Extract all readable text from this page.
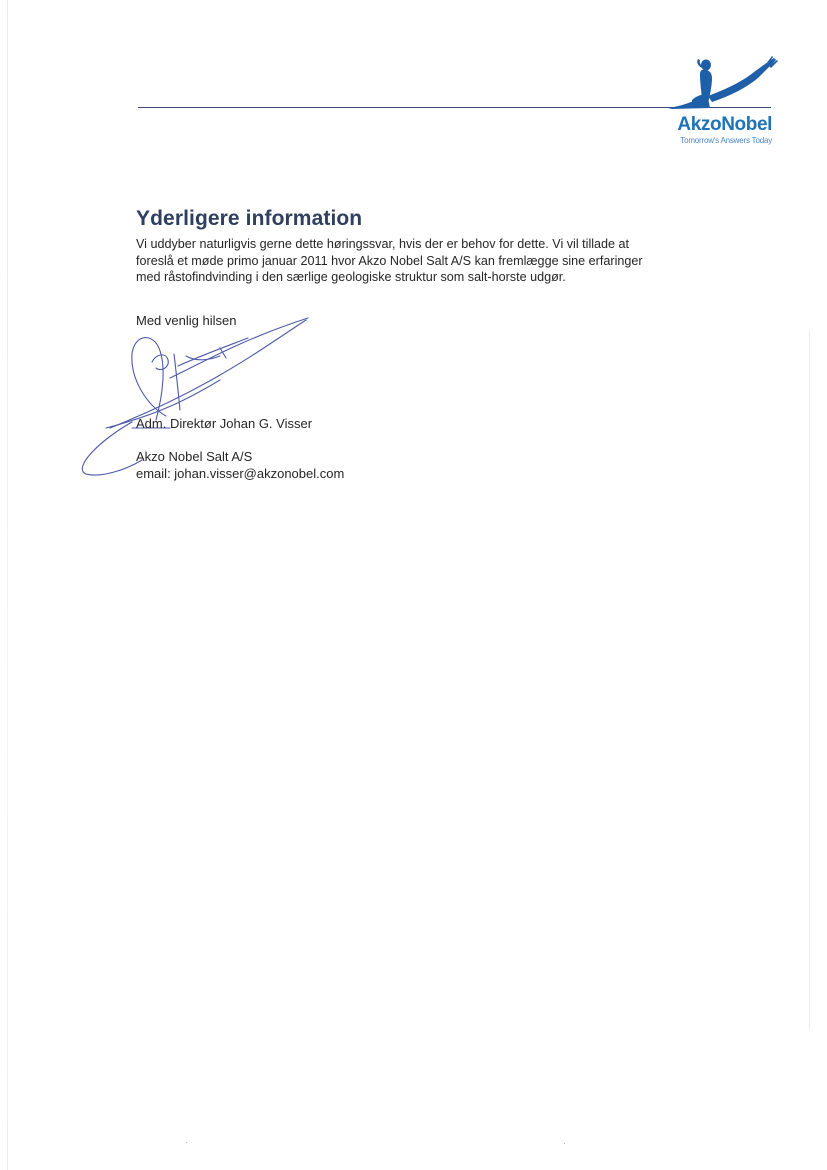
AkzoNobel
Tomorrow's Answers Today
Yderligere information
Vi uddyber naturligvis gerne dette høringssvar, hvis der er behov for dette. Vi vil tillade at
foreslå et møde primo januar 2011 hvor Akzo Nobel Salt A/S kan fremlægge sine erfaringer
med råstofindvinding i den særlige geologiske struktur som salt-horste udgør.
Med venlig hilsen
Adm. Direktør Johan G. Visser
Akzo Nobel Salt A/S
email: johan.visser@akzonobel.com
